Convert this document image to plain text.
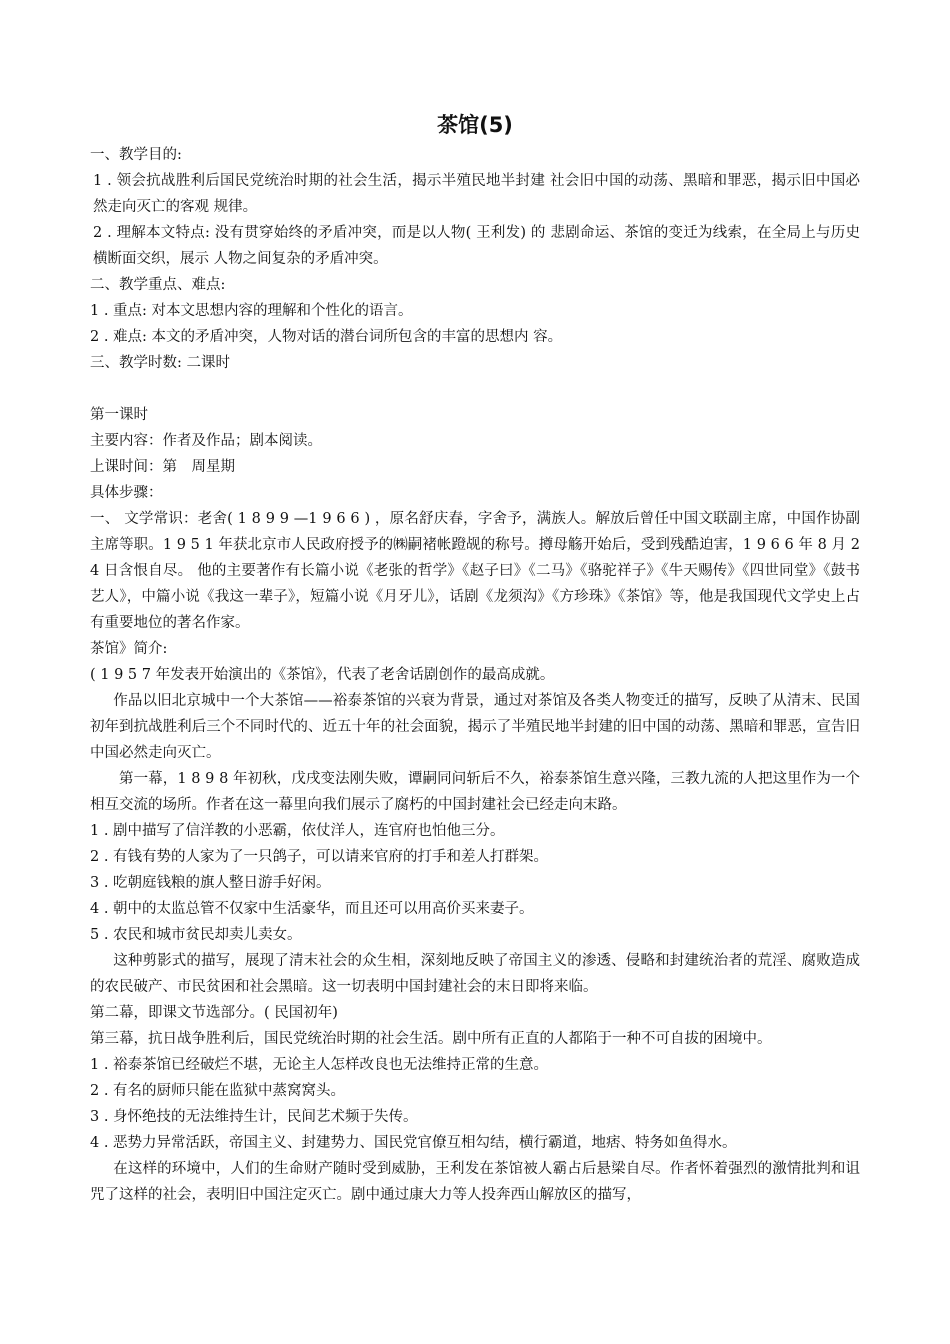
茶馆(5)

一、教学目的:

1 . 领会抗战胜利后国民党统治时期的社会生活，揭示半殖民地半封建 社会旧中国的动荡、黑暗和罪恶，揭示旧中国必然走向灭亡的客观 规律。

2 . 理解本文特点: 没有贯穿始终的矛盾冲突，而是以人物( 王利发) 的 悲剧命运、茶馆的变迁为线索，在全局上与历史横断面交织，展示 人物之间复杂的矛盾冲突。

二、教学重点、难点:

1 . 重点: 对本文思想内容的理解和个性化的语言。

2 . 难点: 本文的矛盾冲突，人物对话的潜台词所包含的丰富的思想内 容。

三、教学时数: 二课时

第一课时

主要内容：作者及作品；剧本阅读。

上课时间：第　周星期

具体步骤：

一、 文学常识：老舍( 1 8 9 9 —1 9 6 6 ) ，原名舒庆春，字舍予，满族人。解放后曾任中国文联副主席，中国作协副主席等职。1 9 5 1 年获北京市人民政府授予的㈱嗣褚帐蹬觇的称号。撙母觞开始后，受到残酷迫害，1 9 6 6 年 8 月 2 4 日含恨自尽。 他的主要著作有长篇小说《老张的哲学》《赵子曰》《二马》《骆驼祥子》《牛天赐传》《四世同堂》《鼓书艺人》，中篇小说《我这一辈子》，短篇小说《月牙儿》，话剧《龙须沟》《方珍珠》《茶馆》等，他是我国现代文学史上占有重要地位的著名作家。

茶馆》简介:

( 1 9 5 7 年发表开始演出的《茶馆》，代表了老舍话剧创作的最高成就。

作品以旧北京城中一个大茶馆——裕泰茶馆的兴衰为背景，通过对茶馆及各类人物变迁的描写，反映了从清末、民国初年到抗战胜利后三个不同时代的、近五十年的社会面貌，揭示了半殖民地半封建的旧中国的动荡、黑暗和罪恶，宣告旧中国必然走向灭亡。

第一幕，1 8 9 8 年初秋，戊戌变法刚失败，谭嗣同问斩后不久，裕泰茶馆生意兴隆，三教九流的人把这里作为一个相互交流的场所。作者在这一幕里向我们展示了腐朽的中国封建社会已经走向末路。

1 . 剧中描写了信洋教的小恶霸，依仗洋人，连官府也怕他三分。

2 . 有钱有势的人家为了一只鸽子，可以请来官府的打手和差人打群架。

3 . 吃朝庭钱粮的旗人整日游手好闲。

4 . 朝中的太监总管不仅家中生活豪华，而且还可以用高价买来妻子。

5 . 农民和城市贫民却卖儿卖女。

这种剪影式的描写，展现了清末社会的众生相，深刻地反映了帝国主义的渗透、侵略和封建统治者的荒淫、腐败造成的农民破产、市民贫困和社会黑暗。这一切表明中国封建社会的末日即将来临。

第二幕，即课文节选部分。( 民国初年)

第三幕，抗日战争胜利后，国民党统治时期的社会生活。剧中所有正直的人都陷于一种不可自拔的困境中。

1 . 裕泰茶馆已经破烂不堪，无论主人怎样改良也无法维持正常的生意。

2 . 有名的厨师只能在监狱中蒸窝窝头。

3 . 身怀绝技的无法维持生计，民间艺术频于失传。

4 . 恶势力异常活跃，帝国主义、封建势力、国民党官僚互相勾结，横行霸道，地痞、特务如鱼得水。

在这样的环境中，人们的生命财产随时受到威胁，王利发在茶馆被人霸占后悬梁自尽。作者怀着强烈的激情批判和诅咒了这样的社会，表明旧中国注定灭亡。剧中通过康大力等人投奔西山解放区的描写，
